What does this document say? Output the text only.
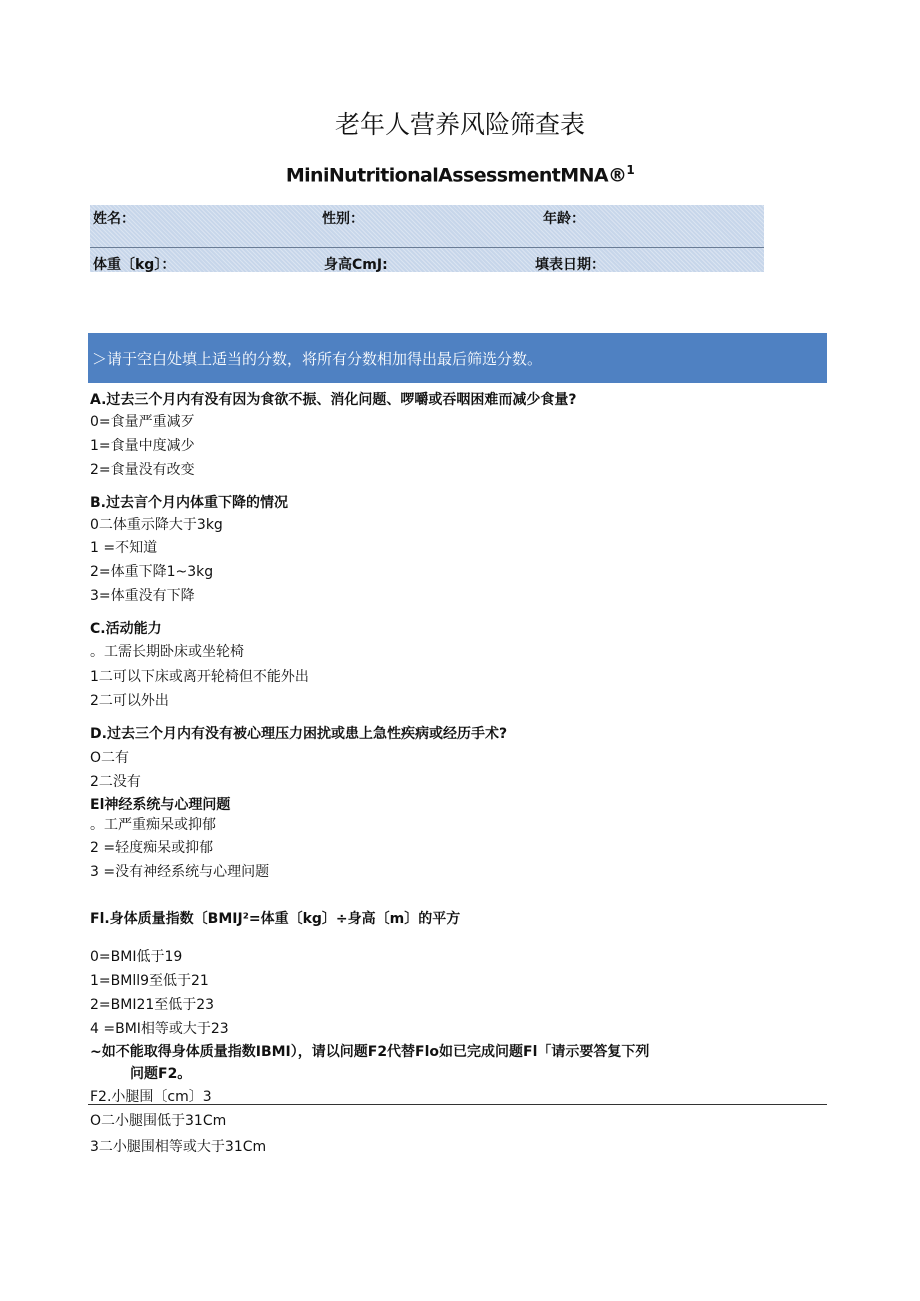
老年人营养风险筛查表
MiniNutritionalAssessmentMNA®$^1$
姓名：	性别：	年龄：
体重〔kg〕：	身高CmJ:	填表日期：
＞请于空白处填上适当的分数，将所有分数相加得出最后筛选分数。
A.过去三个月内有没有因为食欲不振、消化问题、啰嚼或吞咽困难而减少食量?
0=食量严重减歹
1=食量中度减少
2=食量没有改变
B.过去言个月内体重下降的情况
0二体重示降大于3kg
1 =不知道
2=体重下降1~3kg
3=体重没有下降
C.活动能力
。工需长期卧床或坐轮椅
1二可以下床或离开轮椅但不能外出
2二可以外出
D.过去三个月内有没有被心理压力困扰或患上急性疾病或经历手术?
O二有
2二没有
El神经系统与心理问题
。工严重痴呆或抑郁
2 =轻度痴呆或抑郁
3 =没有神经系统与心理问题
Fl.身体质量指数〔BMIJ²=体重〔kg〕÷身高〔m〕的平方
0=BMI低于19
1=BMll9至低于21
2=BMI21至低于23
4 =BMI相等或大于23
~如不能取得身体质量指数IBMI），请以问题F2代替Flo如已完成问题Fl「请示要答复下列
问题F2。
F2.小腿围〔cm〕3
O二小腿围低于31Cm
3二小腿围相等或大于31Cm
